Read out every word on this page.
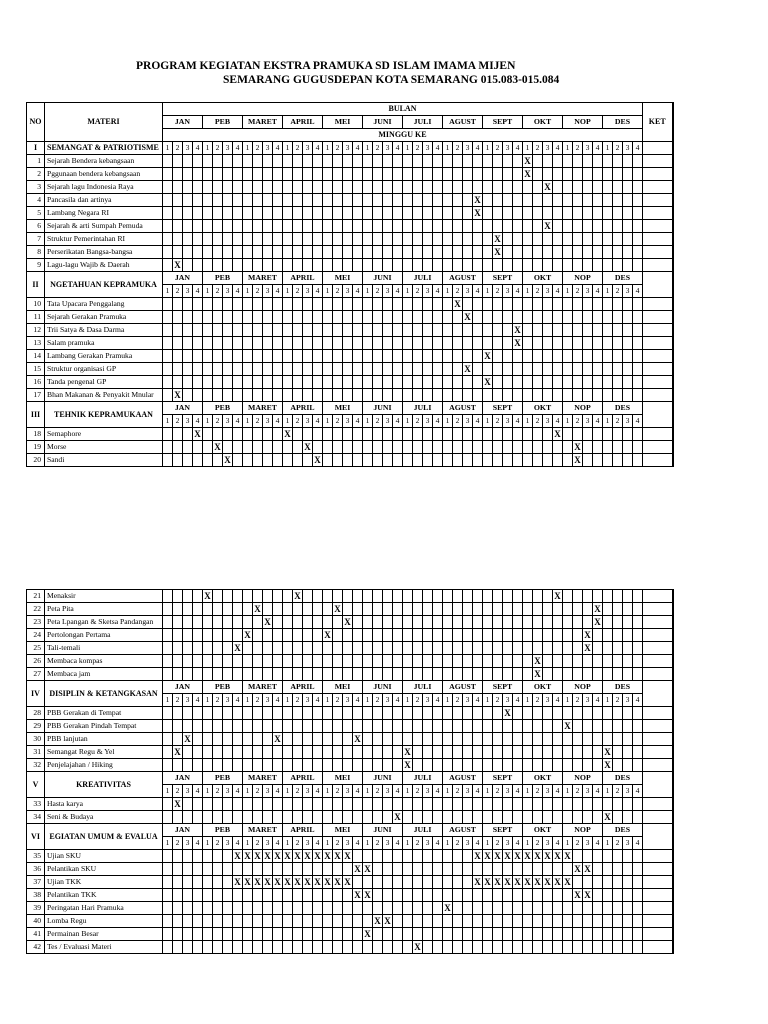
PROGRAM KEGIATAN EKSTRA PRAMUKA SD ISLAM IMAMA MIJEN
SEMARANG GUGUSDEPAN KOTA SEMARANG 015.083-015.084
NO	MATERI	BULAN																																																KET
		JAN				PEB				MARET				APRIL				MEI				JUNI				JULI				AGUST				SEPT				OKT				NOP				DES				
		MINGGU KE																																																
I	SEMANGAT & PATRIOTISME	1	2	3	4	1	2	3	4	1	2	3	4	1	2	3	4	1	2	3	4	1	2	3	4	1	2	3	4	1	2	3	4	1	2	3	4	1	2	3	4	1	2	3	4	1	2	3	4	
1	Sejarah Bendera kebangsaan																																					X												
2	Pggunaan bendera kebangsaan																																					X												
3	Sejarah lagu Indonesia Raya																																							X										
4	Pancasila dan artinya																																X																	
5	Lambang Negara RI																																X																	
6	Sejarah & arti Sumpah Pemuda																																							X										
7	Struktur Pemerintahan RI																																		X															
8	Perserikatan Bangsa-bangsa																																		X															
9	Lagu-lagu Wajib & Daerah		X																																															
II	NGETAHUAN KEPRAMUKA	JAN				PEB				MARET				APRIL				MEI				JUNI				JULI				AGUST				SEPT				OKT				NOP				DES				
		1	2	3	4	1	2	3	4	1	2	3	4	1	2	3	4	1	2	3	4	1	2	3	4	1	2	3	4	1	2	3	4	1	2	3	4	1	2	3	4	1	2	3	4	1	2	3	4	
10	Tata Upacara Penggalang																														X																			
11	Sejarah Gerakan Pramuka																															X																		
12	Trii Satya & Dasa Darma																																				X													
13	Salam pramuka																																				X													
14	Lambang Gerakan Pramuka																																	X																
15	Struktur organisasi GP																															X																		
16	Tanda pengenal GP																																	X																
17	Bhan Makanan & Penyakit Mnular		X																																															
III	TEHNIK KEPRAMUKAAN	JAN				PEB				MARET				APRIL				MEI				JUNI				JULI				AGUST				SEPT				OKT				NOP				DES				
		1	2	3	4	1	2	3	4	1	2	3	4	1	2	3	4	1	2	3	4	1	2	3	4	1	2	3	4	1	2	3	4	1	2	3	4	1	2	3	4	1	2	3	4	1	2	3	4	
18	Semaphore				X									X																											X									
19	Morse						X									X																											X							
20	Sandi							X									X																										X							
21	Menaksir					X									X																										X									
22	Peta Pita										X								X																										X					
23	Peta Lpangan & Sketsa Pandangan											X								X																									X					
24	Pertolongan Pertama									X								X																										X						
25	Tali-temali								X																																			X						
26	Membaca kompas																																						X											
27	Membaca jam																																						X											
IV	DISIPLIN & KETANGKASAN	JAN				PEB				MARET				APRIL				MEI				JUNI				JULI				AGUST				SEPT				OKT				NOP				DES				
		1	2	3	4	1	2	3	4	1	2	3	4	1	2	3	4	1	2	3	4	1	2	3	4	1	2	3	4	1	2	3	4	1	2	3	4	1	2	3	4	1	2	3	4	1	2	3	4	
28	PBB Gerakan di Tempat																																			X														
29	PBB Gerakan Pindah Tempat																																									X								
30	PBB lanjutan			X									X								X																													
31	Semangat Regu & Yel		X																							X																				X				
32	Penjelajahan / Hiking																									X																				X				
V	KREATIVITAS	JAN				PEB				MARET				APRIL				MEI				JUNI				JULI				AGUST				SEPT				OKT				NOP				DES				
		1	2	3	4	1	2	3	4	1	2	3	4	1	2	3	4	1	2	3	4	1	2	3	4	1	2	3	4	1	2	3	4	1	2	3	4	1	2	3	4	1	2	3	4	1	2	3	4	
33	Hasta karya		X																																															
34	Seni & Budaya																								X																					X				
VI	EGIATAN UMUM & EVALUA	JAN				PEB				MARET				APRIL				MEI				JUNI				JULI				AGUST				SEPT				OKT				NOP				DES				
		1	2	3	4	1	2	3	4	1	2	3	4	1	2	3	4	1	2	3	4	1	2	3	4	1	2	3	4	1	2	3	4	1	2	3	4	1	2	3	4	1	2	3	4	1	2	3	4	
35	Ujian SKU								X	X	X	X	X	X	X	X	X	X	X	X													X	X	X	X	X	X	X	X	X	X								
36	Pelantikan SKU																				X	X																					X	X						
37	Ujian TKK								X	X	X	X	X	X	X	X	X	X	X	X													X	X	X	X	X	X	X	X	X	X								
38	Pelantikan TKK																				X	X																					X	X						
39	Peringatan Hari Pramuka																													X																				
40	Lomba Regu																						X	X																										
41	Permainan Besar																					X																												
42	Tes / Evaluasi Materi																										X																							
